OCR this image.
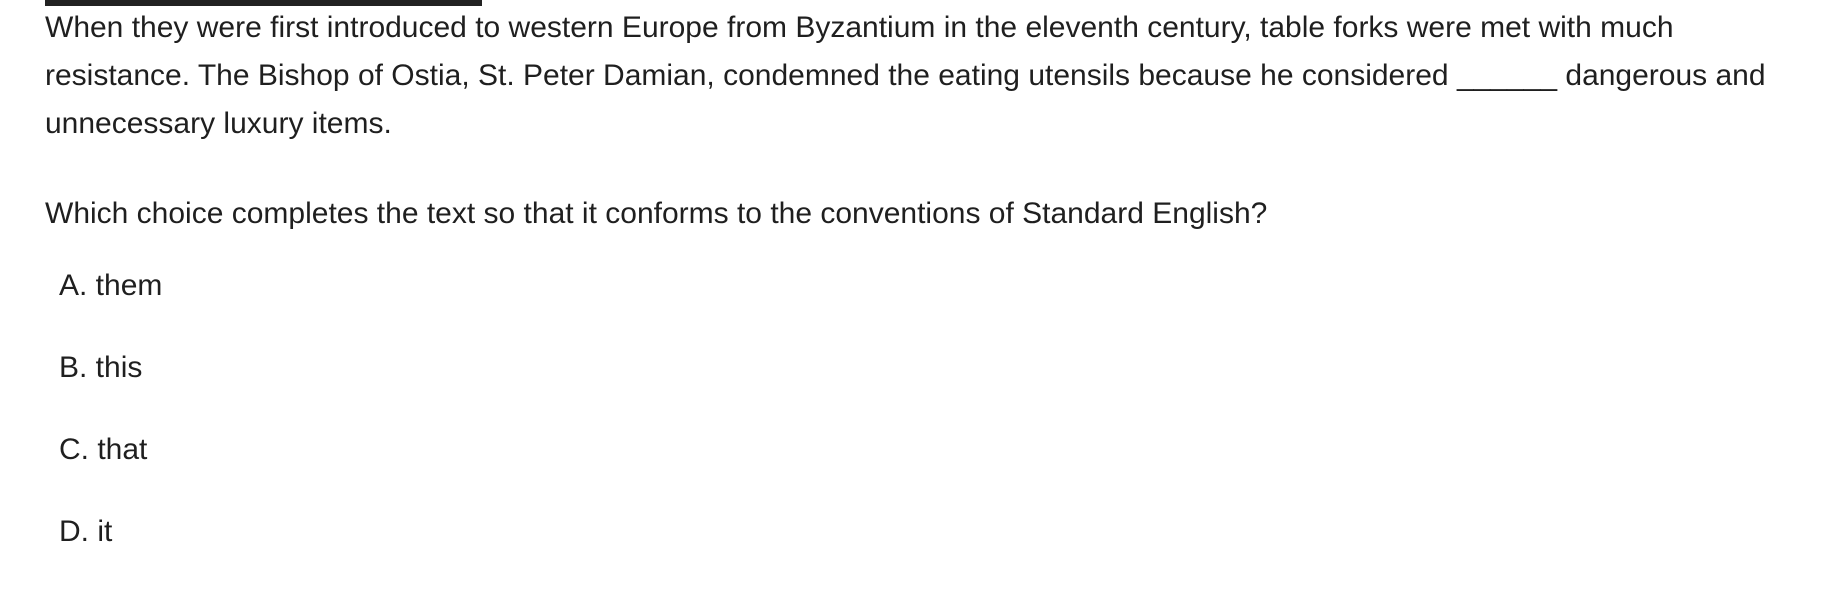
When they were first introduced to western Europe from Byzantium in the eleventh century, table forks were met with much resistance. The Bishop of Ostia, St. Peter Damian, condemned the eating utensils because he considered ______ dangerous and unnecessary luxury items.

Which choice completes the text so that it conforms to the conventions of Standard English?

A. them
B. this
C. that
D. it
